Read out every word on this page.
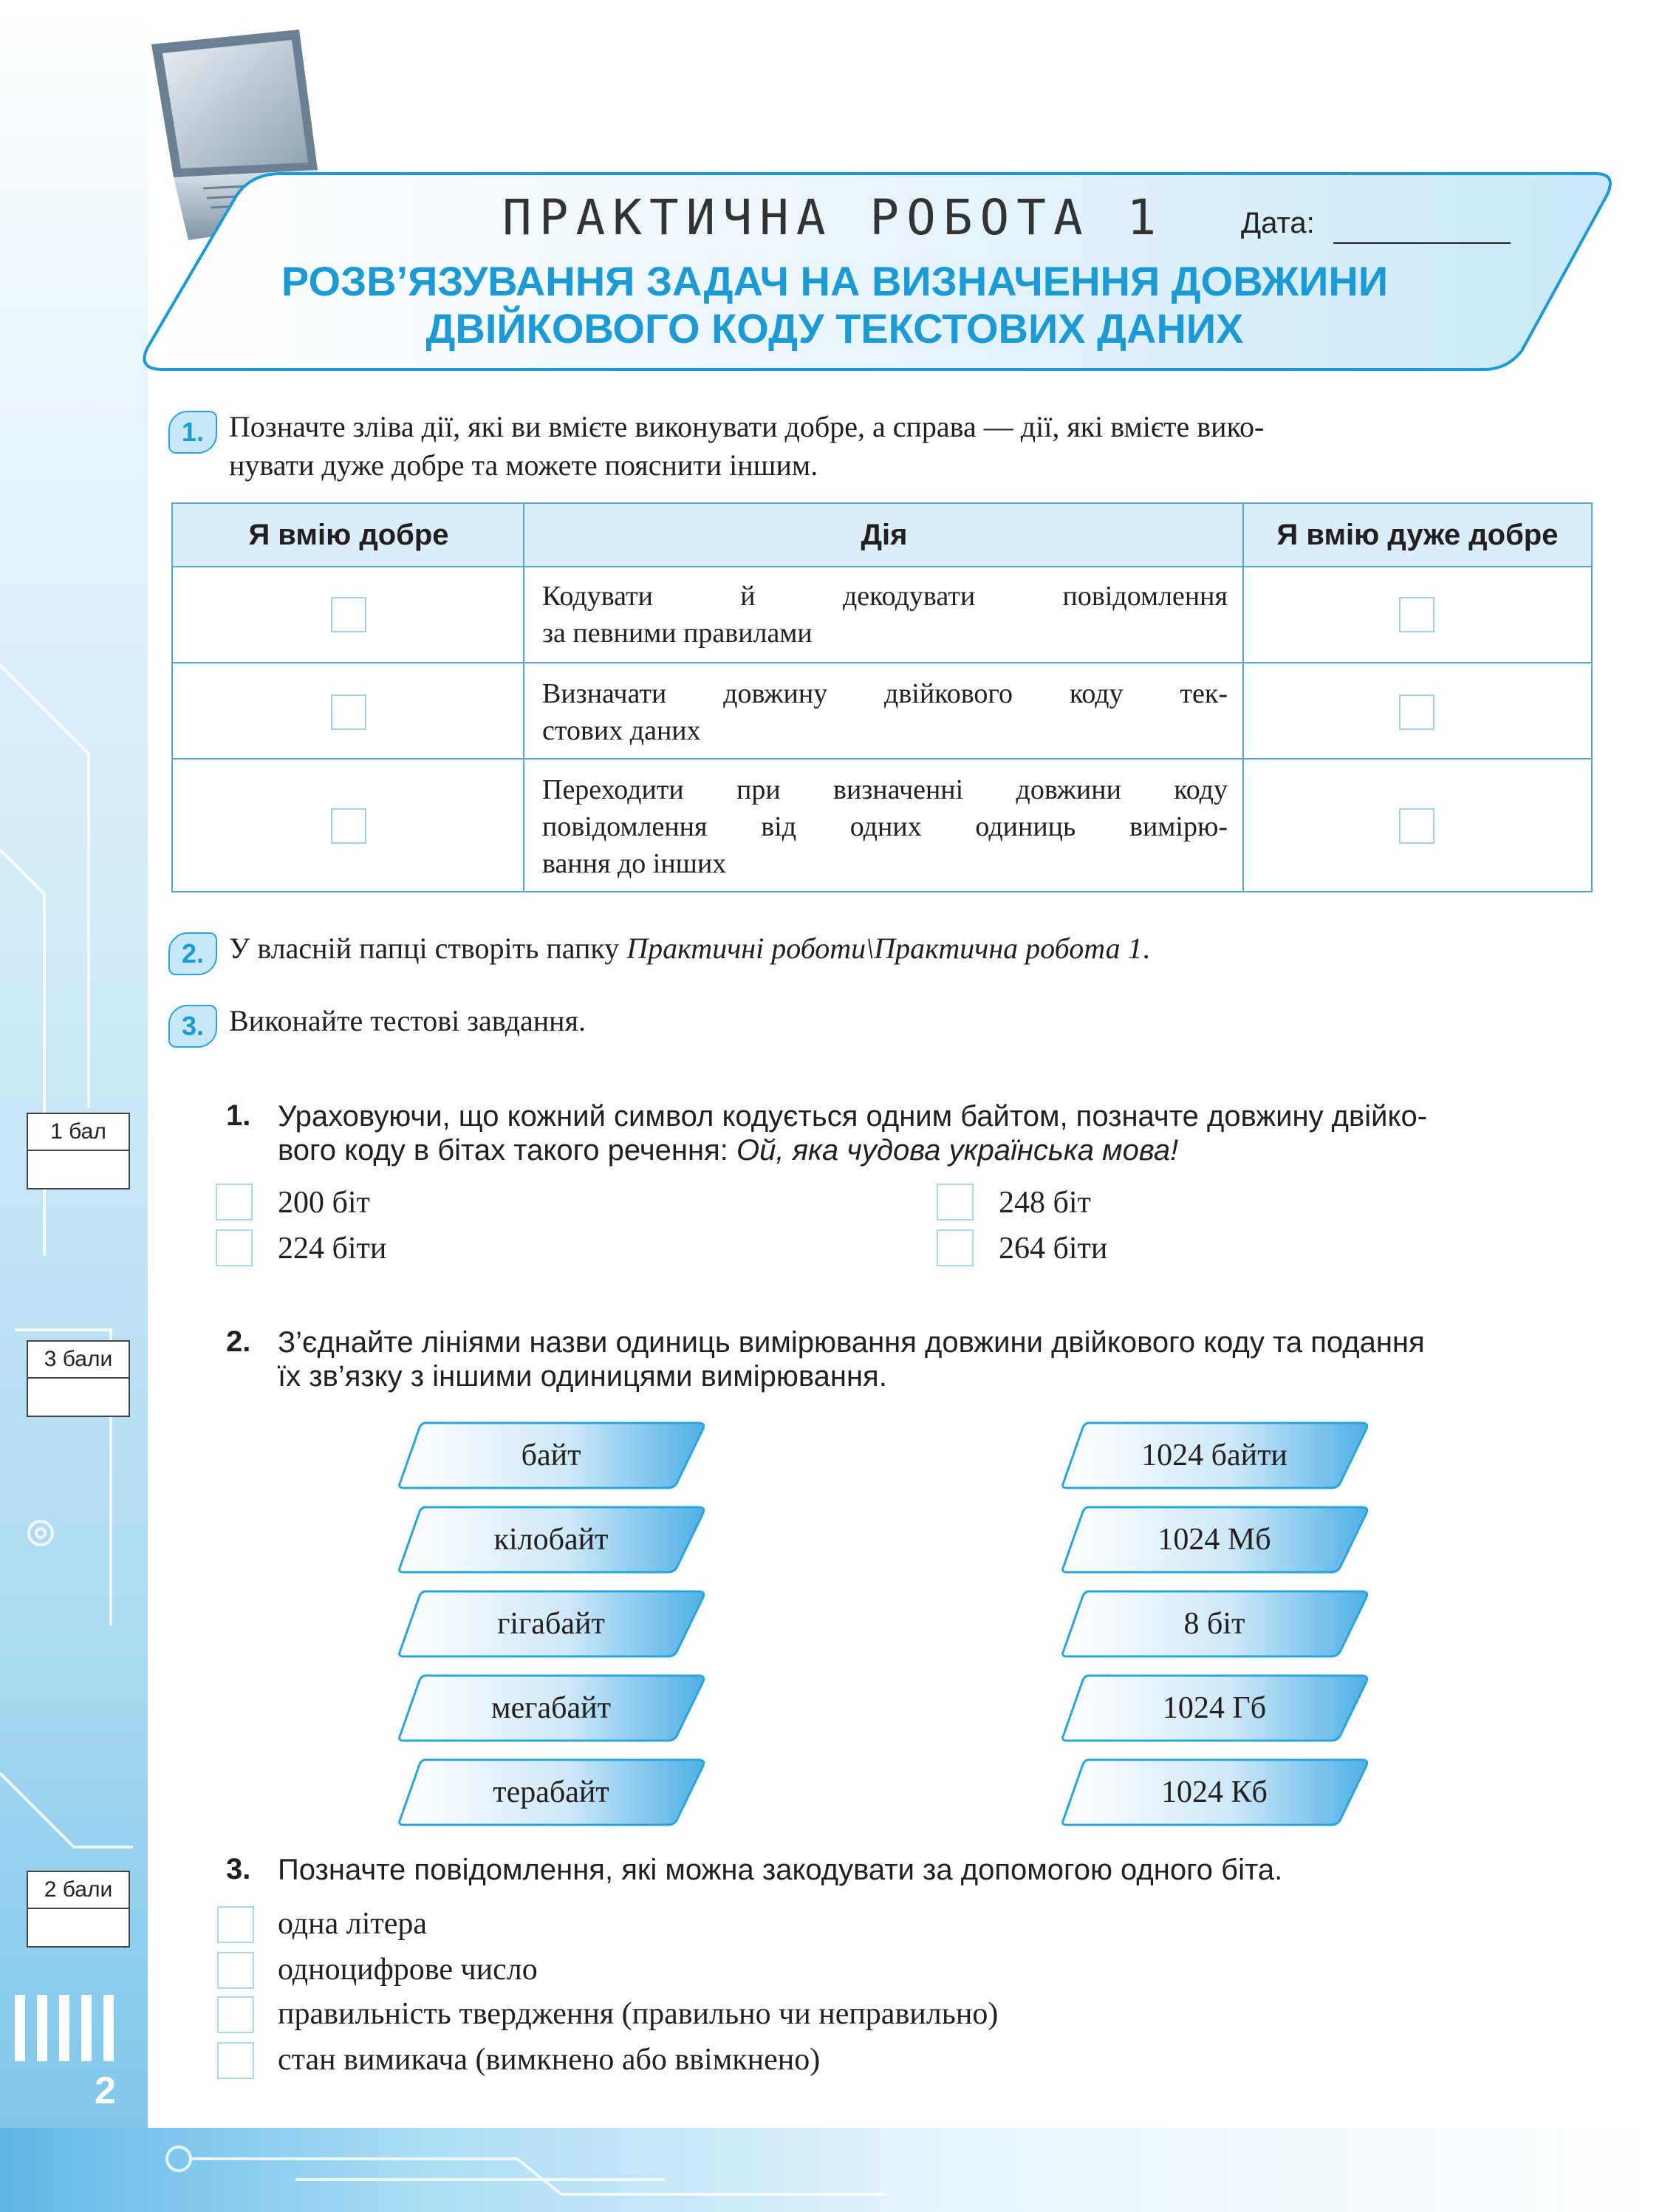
ПРАКТИЧНА РОБОТА 1	Дата:
РОЗВ’ЯЗУВАННЯ ЗАДАЧ НА ВИЗНАЧЕННЯ ДОВЖИНИ
ДВІЙКОВОГО КОДУ ТЕКСТОВИХ ДАНИХ
1. Позначте зліва дії, які ви вмієте виконувати добре, а справа — дії, які вмієте вико-
нувати дуже добре та можете пояснити іншим.
Я вмію добре	Дія	Я вмію дуже добре
Кодувати й декодувати повідомлення
за певними правилами
Визначати довжину двійкового коду тек-
стових даних
Переходити при визначенні довжини коду
повідомлення від одних одиниць вимірю-
вання до інших
2. У власній папці створіть папку Практичні роботи\Практична робота 1.
3. Виконайте тестові завдання.
1 бал
3 бали
2 бали
1. Ураховуючи, що кожний символ кодується одним байтом, позначте довжину двійко-
вого коду в бітах такого речення: Ой, яка чудова українська мова!
200 біт
224 біти
248 біт
264 біти
2. З’єднайте лініями назви одиниць вимірювання довжини двійкового коду та подання
їх зв’язку з іншими одиницями вимірювання.
байт
кілобайт
гігабайт
мегабайт
терабайт
1024 байти
1024 Мб
8 біт
1024 Гб
1024 Кб
3. Позначте повідомлення, які можна закодувати за допомогою одного біта.
одна літера
одноцифрове число
правильність твердження (правильно чи неправильно)
стан вимикача (вимкнено або ввімкнено)
2
